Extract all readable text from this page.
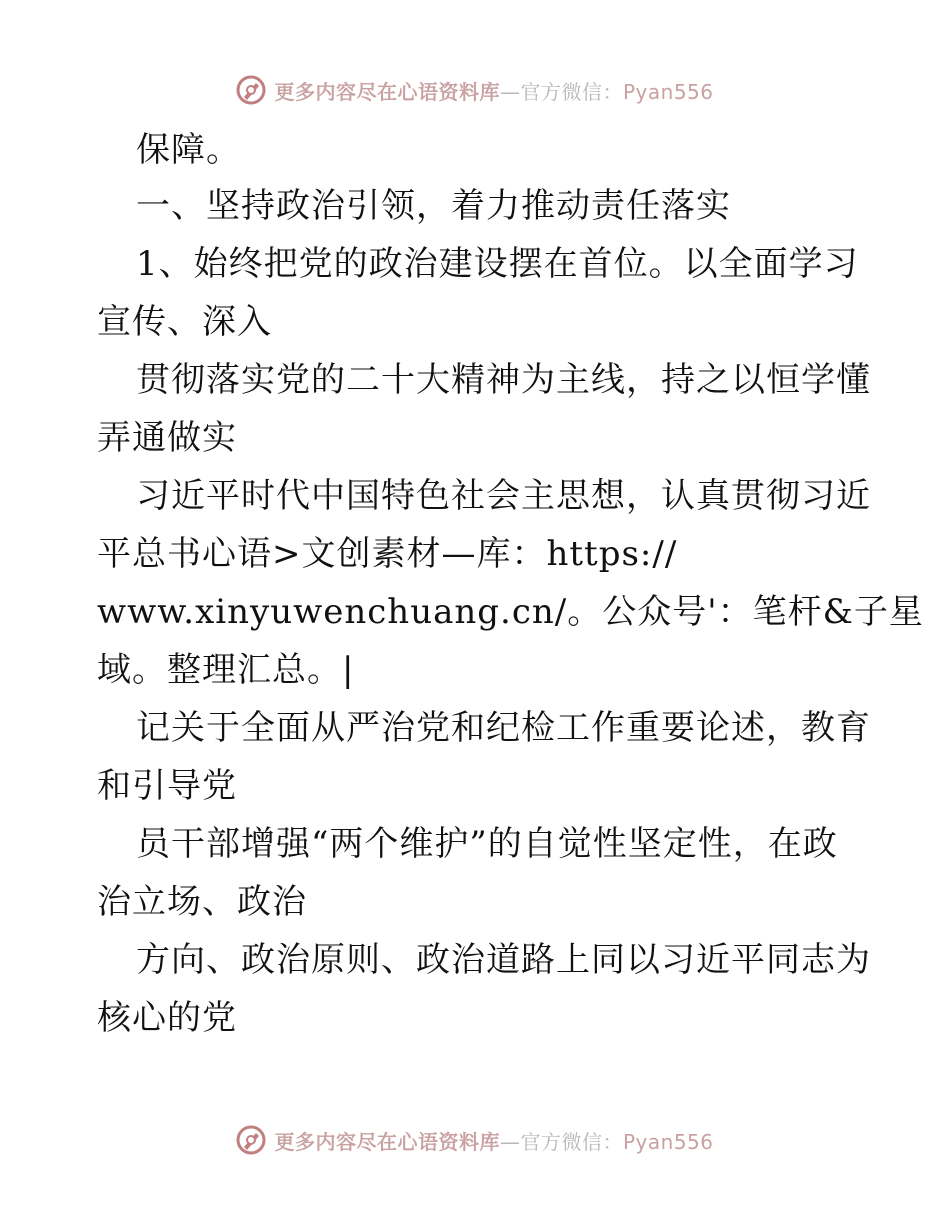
更多内容尽在心语资料库—官方微信：Pyan556
保障。
一、坚持政治引领，着力推动责任落实
1、始终把党的政治建设摆在首位。以全面学习
宣传、深入
贯彻落实党的二十大精神为主线，持之以恒学懂
弄通做实
习近平时代中国特色社会主思想，认真贯彻习近
平总书心语>文创素材—库：https://
www.xinyuwenchuang.cn/。公众号'：笔杆&子星
域。整理汇总。|
记关于全面从严治党和纪检工作重要论述，教育
和引导党
员干部增强“两个维护”的自觉性坚定性，在政
治立场、政治
方向、政治原则、政治道路上同以习近平同志为
核心的党
更多内容尽在心语资料库—官方微信：Pyan556
